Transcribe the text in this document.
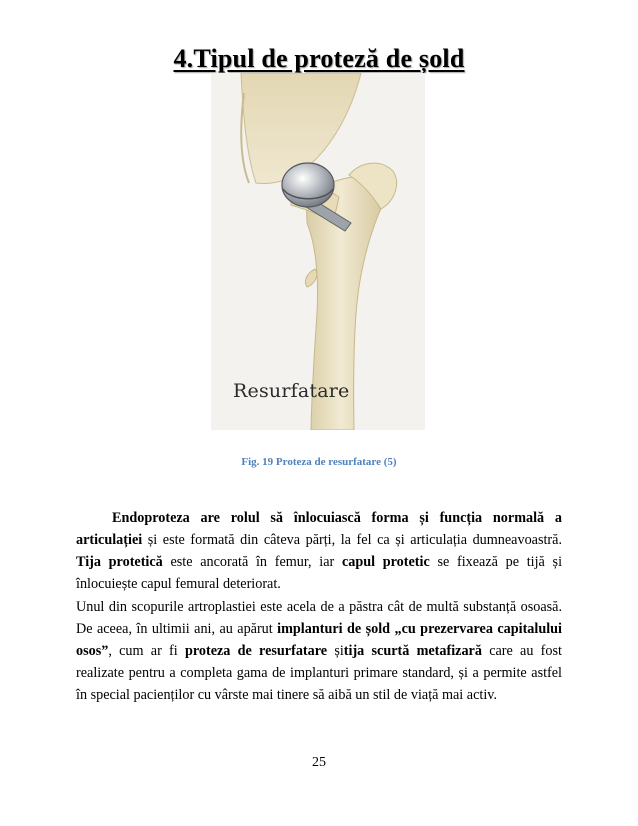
4.Tipul de proteză de șold
Resurfatare
Fig. 19 Proteza de resurfatare (5)

Endoproteza are rolul să înlocuiască forma și funcția normală a articulației și este formată din câteva părți, la fel ca și articulația dumneavoastră. Tija protetică este ancorată în femur, iar capul protetic se fixează pe tijă și înlocuiește capul femural deteriorat.

Unul din scopurile artroplastiei este acela de a păstra cât de multă substanță osoasă. De aceea, în ultimii ani, au apărut implanturi de șold „cu prezervarea capitalului osos”, cum ar fi proteza de resurfatare șitija scurtă metafizară care au fost realizate pentru a completa gama de implanturi primare standard, și a permite astfel în special pacienților cu vârste mai tinere să aibă un stil de viață mai activ.

25
